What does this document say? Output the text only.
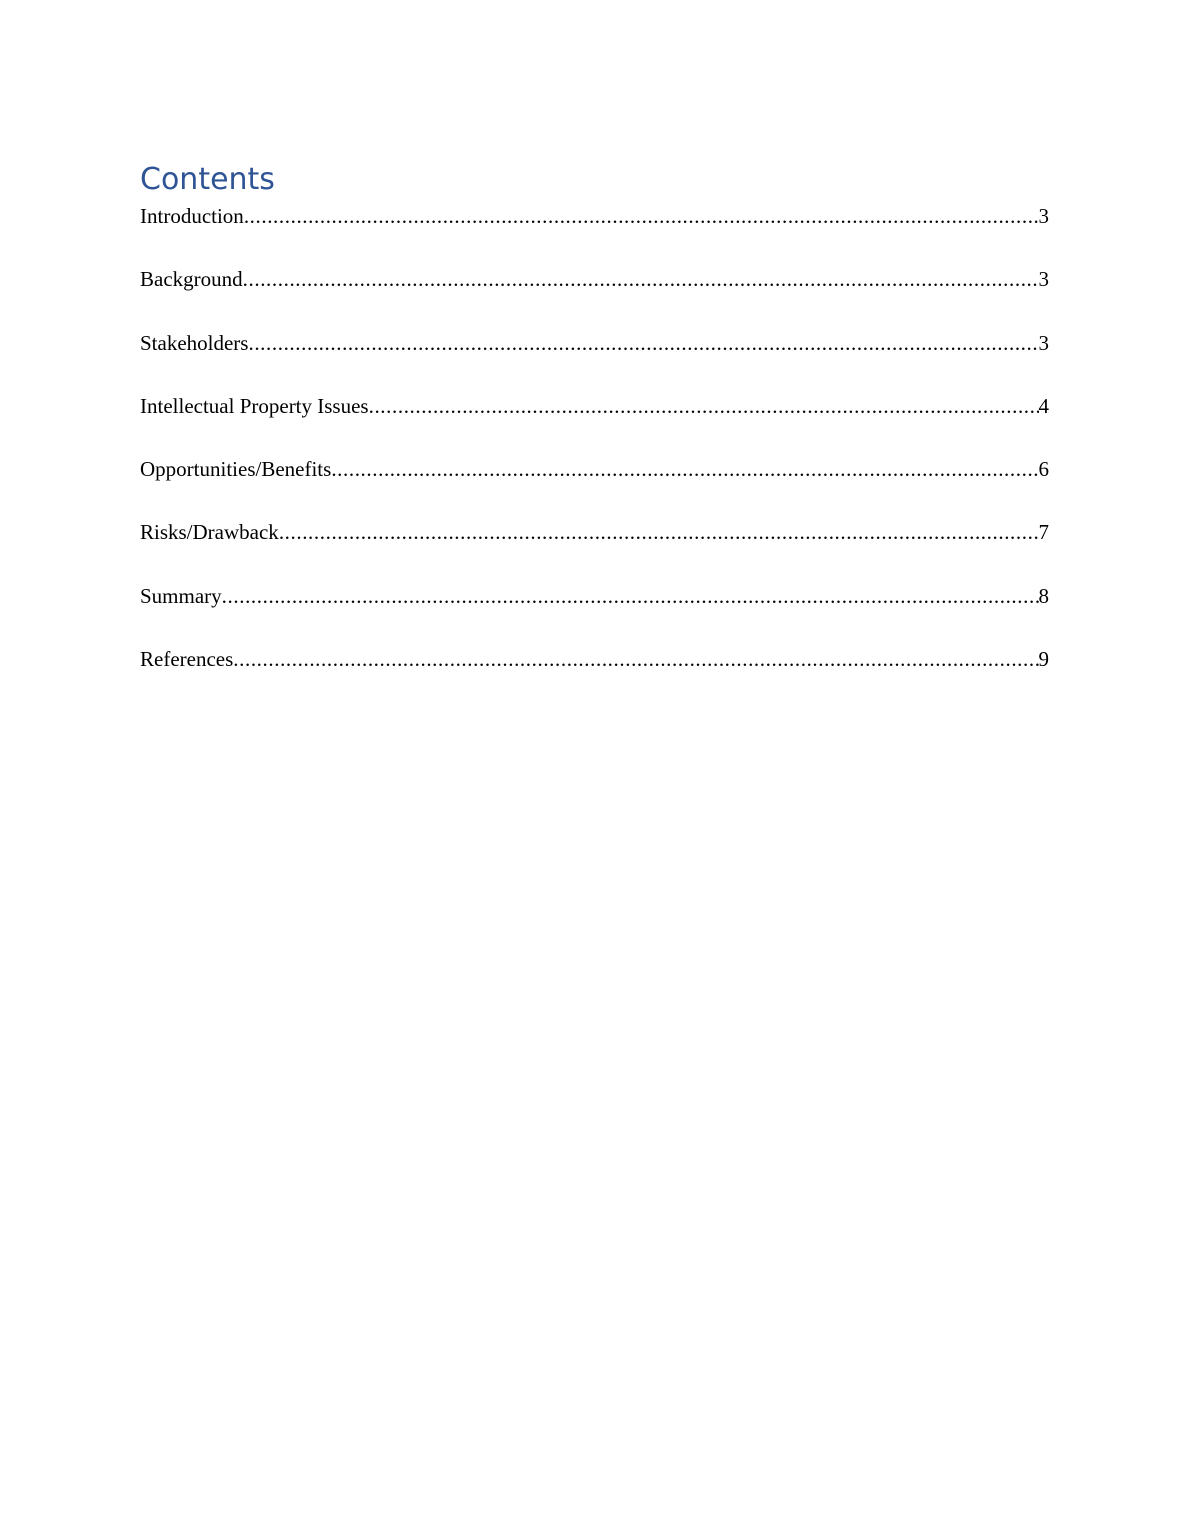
Contents
Introduction .....	3
Background .....	3
Stakeholders .....	3
Intellectual Property Issues .....	4
Opportunities/Benefits .....	6
Risks/Drawback .....	7
Summary .....	8
References .....	9
